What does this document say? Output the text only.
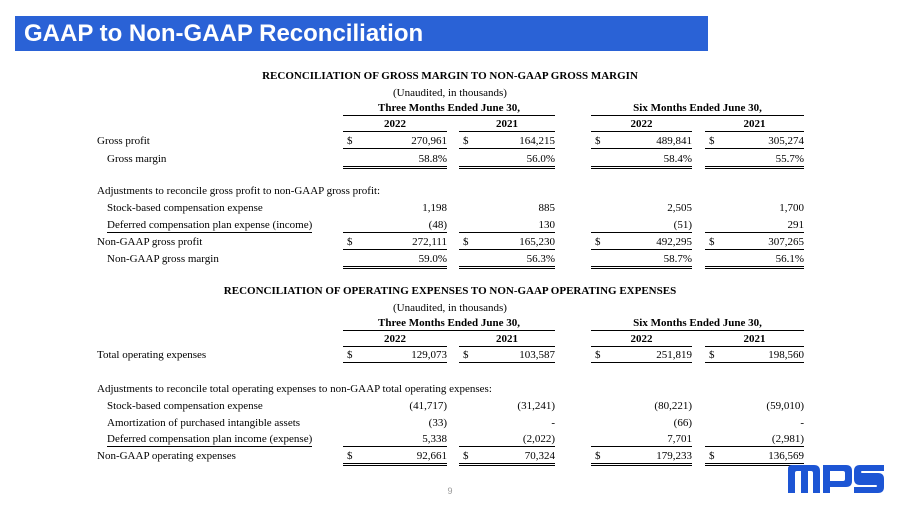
GAAP to Non-GAAP Reconciliation
RECONCILIATION OF GROSS MARGIN TO NON-GAAP GROSS MARGIN
(Unaudited, in thousands)
Three Months Ended June 30,	Six Months Ended June 30,
2022	2021	2022	2021
Gross profit	$	270,961 $	164,215	$	489,841 $	305,274
Gross margin	58.8%	56.0%	58.4%	55.7%
Adjustments to reconcile gross profit to non-GAAP gross profit:
Stock-based compensation expense	1,198	885	2,505	1,700
Deferred compensation plan expense (income)	(48)	130	(51)	291
Non-GAAP gross profit	$	272,111 $	165,230	$	492,295 $	307,265
Non-GAAP gross margin	59.0%	56.3%	58.7%	56.1%
RECONCILIATION OF OPERATING EXPENSES TO NON-GAAP OPERATING EXPENSES
(Unaudited, in thousands)
Three Months Ended June 30,	Six Months Ended June 30,
2022	2021	2022	2021
Total operating expenses	$	129,073 $	103,587	$	251,819 $	198,560
Adjustments to reconcile total operating expenses to non-GAAP total operating expenses:
Stock-based compensation expense	(41,717)	(31,241)	(80,221)	(59,010)
Amortization of purchased intangible assets	(33)	-	(66)	-
Deferred compensation plan income (expense)	5,338	(2,022)	7,701	(2,981)
Non-GAAP operating expenses	$	92,661 $	70,324	$	179,233 $	136,569
9
